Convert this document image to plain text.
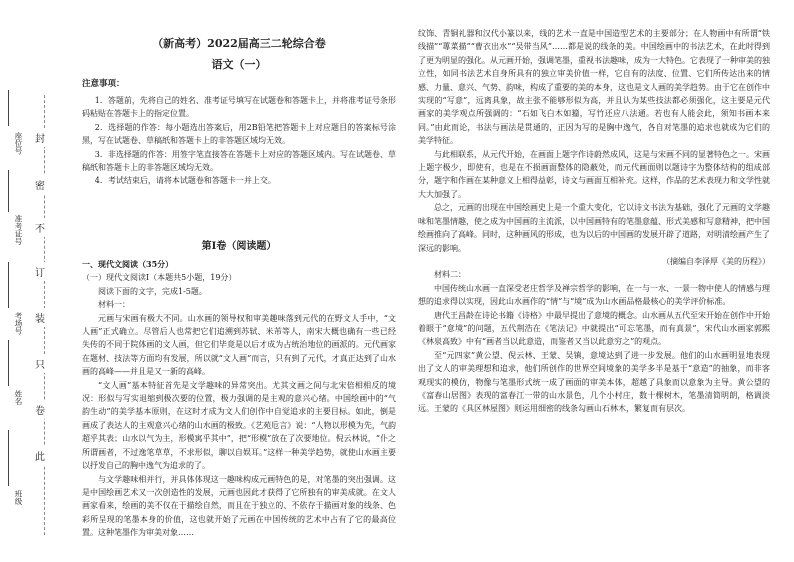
封
密
不
订
装
只
卷
此
准考证号
考场号
座位号
姓名
班级
（新高考）2022届高三二轮综合卷
语文（一）
注意事项：

1．答题前，先将自己的姓名、准考证号填写在试题卷和答题卡上，并将准考证号条形码粘贴在答题卡上的指定位置。

2．选择题的作答：每小题选出答案后，用2B铅笔把答题卡上对应题目的答案标号涂黑，写在试题卷、草稿纸和答题卡上的非答题区域均无效。

3．非选择题的作答：用签字笔直接答在答题卡上对应的答题区域内。写在试题卷、草稿纸和答题卡上的非答题区域均无效。

4．考试结束后，请将本试题卷和答题卡一并上交。

第Ⅰ卷（阅读题）

一、现代文阅读（35分）

（一）现代文阅读Ⅰ（本题共5小题，19分）

阅读下面的文字，完成1-5题。

材料一：

元画与宋画有极大不同。山水画的领导权和审美趣味落到元代的在野文人手中，“文人画”正式确立。尽管后人也常把它们追溯到苏轼、米芾等人，南宋大概也确有一些已经失传的不同于院体画的文人画，但它们毕竟是以后才成为占统治地位的画派的。元代画家在题材、技法等方面均有发展，所以就“文人画”而言，只有到了元代，才真正达到了山水画的高峰——并且是又一新的高峰。

“文人画”基本特征首先是文学趣味的异常突出。尤其文画之间与北宋倍相相反的境况：形似与写实退缩到极次要的位置，极力强调的是主观的意兴心绪。中国绘画中的“气韵生动”的美学基本原则，在这时才成为文人们创作中自觉追求的主要目标。如此，倒是画成了表达人的主观意兴心绪的山水画的极致。《艺苑卮言》说：“人物以形模为先，气韵超乎其表；山水以气为主，形模寓乎其中”，把“形模”放在了次要地位。倪云林说，“仆之所谓画者，不过逸笔草草，不求形似，聊以自娱耳。”这样一种美学趋势，就使山水画主要以抒发自己的胸中逸气为追求的了。

与文学趣味相并行，并具体体现这一趣味构成元画特色的是，对笔墨的突出强调。这是中国绘画艺术又一次创造性的发展，元画也因此才获得了它所独有的审美成就。在文人画家看来，绘画的美不仅在于描绘自然，而且在于独立的、不依存于描画对象的线条、色彩所呈现的笔墨本身的价值，这也就开始了元画在中国传统的艺术中占有了它的最高位置。这种笔墨作为审美对象……

纹饰、青铜礼器和汉代小篆以来，线的艺术一直是中国造型艺术的主要部分；在人物画中有所谓“铁线描”“蓴菜描”“曹衣出水”“吴带当风”……都是说的线条的美。中国绘画中的书法艺术，在此时得到了更为明显的强化。从元画开始，强调笔墨，重视书法趣味，成为一大特色。它表现了一种审美的独立性，如同书法艺术自身所具有的独立审美价值一样，它自有的法度、位置、它们所传达出来的情感、力量、意兴、气势、韵味，构成了重要的美的本身，这也是文人画的美学趋势。由于它在创作中实现的“写意”，远离具象，故主张不能够形似为高，并且认为某些技法都必须强化，这主要是元代画家的美学观点所强调的：“石如飞白木如籀，写竹还应八法通。若也有人能会此，须知书画本来同。”由此而论，书法与画法是贯通的，正因为写的是胸中逸气，各自对笔墨的追求也就成为它们的美学特征。

与此相联系，从元代开始，在画面上题字作诗蔚然成风，这是与宋画不同的显著特色之一。宋画上题字极少，即使有，也是在不损画面整体的隐蔽处，而元代画面则以题诗字为整体结构的组成部分，题字和作画在某种意义上相得益彰，诗文与画面互相补充。这样，作品的艺术表现力和文学性就大大加强了。

总之，元画的出现在中国绘画史上是一个重大变化，它以诗文书法为基础，强化了元画的文学趣味和笔墨情趣，使之成为中国画的主流派，以中国画特有的笔墨意蕴、形式美感和写意精神，把中国绘画推向了高峰。同时，这种画风的形成，也为以后的中国画的发展开辟了道路，对明清绘画产生了深远的影响。

（摘编自李泽厚《美的历程》）

材料二：

中国传统山水画一直深受老庄哲学及禅宗哲学的影响，在一与一水、一景一物中使人的情感与理想的追求得以实现，因此山水画作的“情”与“境”成为山水画品格最核心的美学评价标准。

唐代王昌龄在诗论书籍《诗格》中最早提出了意境的概念。山水画从五代至宋开始在创作中开始着眼于“意境”的问题，五代荆浩在《笔法记》中就提出“可忘笔墨，而有真景”，宋代山水画家郭熙《林泉高致》中有“画者当以此意造，而鉴者又当以此意穷之”的观点。

至“元四家”黄公望、倪云林、王蒙、吴镇，意境达到了进一步发展。他们的山水画明显地表现出了文人的审美理想和追求，他们所创作的世界空间境象的美学多半是基于“意造”的抽象，而非客观现实的模仿，物像与笔墨形式统一成了画面的审美本体，超越了具象而以意象为主导。黄公望的《富春山居图》表现的富春江一带的山水景色，几个小村庄，数十棵树木，笔墨清简明朗，格调淡远。王蒙的《具区林屋图》则运用细密的线条勾画山石林木，繁复而有层次。
